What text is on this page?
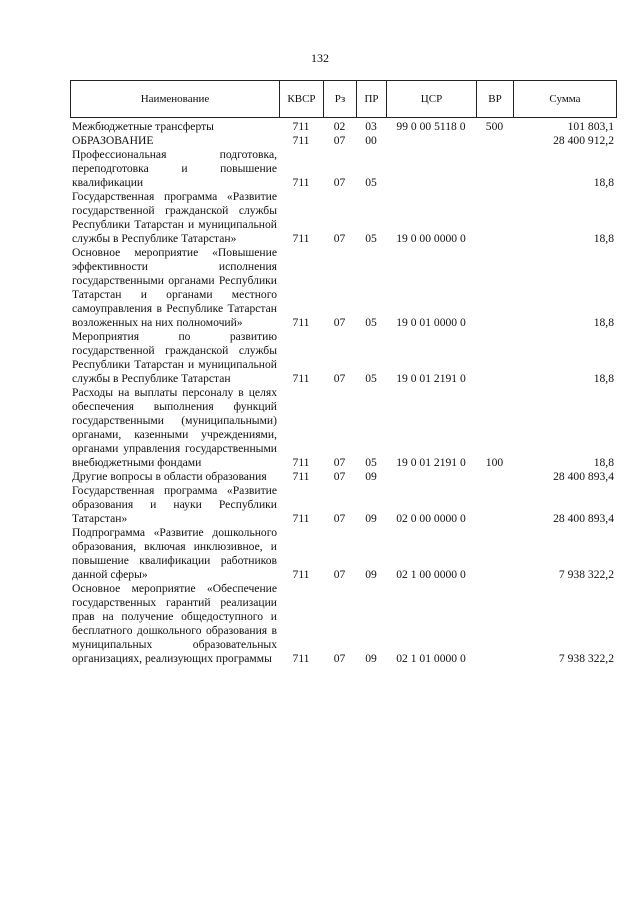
132
Наименование	КВСР	Рз	ПР	ЦСР	ВР	Сумма
Межбюджетные трансферты	711	02	03	99 0 00 5118 0	500	101 803,1
ОБРАЗОВАНИЕ	711	07	00			28 400 912,2
Профессиональная подготовка, переподготовка и повышение квалификации	711	07	05			18,8
Государственная программа «Развитие государственной гражданской службы Республики Татарстан и муниципальной службы в Республике Татарстан»	711	07	05	19 0 00 0000 0		18,8
Основное мероприятие «Повышение эффективности исполнения государственными органами Республики Татарстан и органами местного самоуправления в Республике Татарстан возложенных на них полномочий»	711	07	05	19 0 01 0000 0		18,8
Мероприятия по развитию государственной гражданской службы Республики Татарстан и муниципальной службы в Республике Татарстан	711	07	05	19 0 01 2191 0		18,8
Расходы на выплаты персоналу в целях обеспечения выполнения функций государственными (муниципальными) органами, казенными учреждениями, органами управления государственными внебюджетными фондами	711	07	05	19 0 01 2191 0	100	18,8
Другие вопросы в области образования	711	07	09			28 400 893,4
Государственная программа «Развитие образования и науки Республики Татарстан»	711	07	09	02 0 00 0000 0		28 400 893,4
Подпрограмма «Развитие дошкольного образования, включая инклюзивное, и повышение квалификации работников данной сферы»	711	07	09	02 1 00 0000 0		7 938 322,2
Основное мероприятие «Обеспечение государственных гарантий реализации прав на получение общедоступного и бесплатного дошкольного образования в муниципальных образовательных организациях, реализующих программы	711	07	09	02 1 01 0000 0		7 938 322,2
